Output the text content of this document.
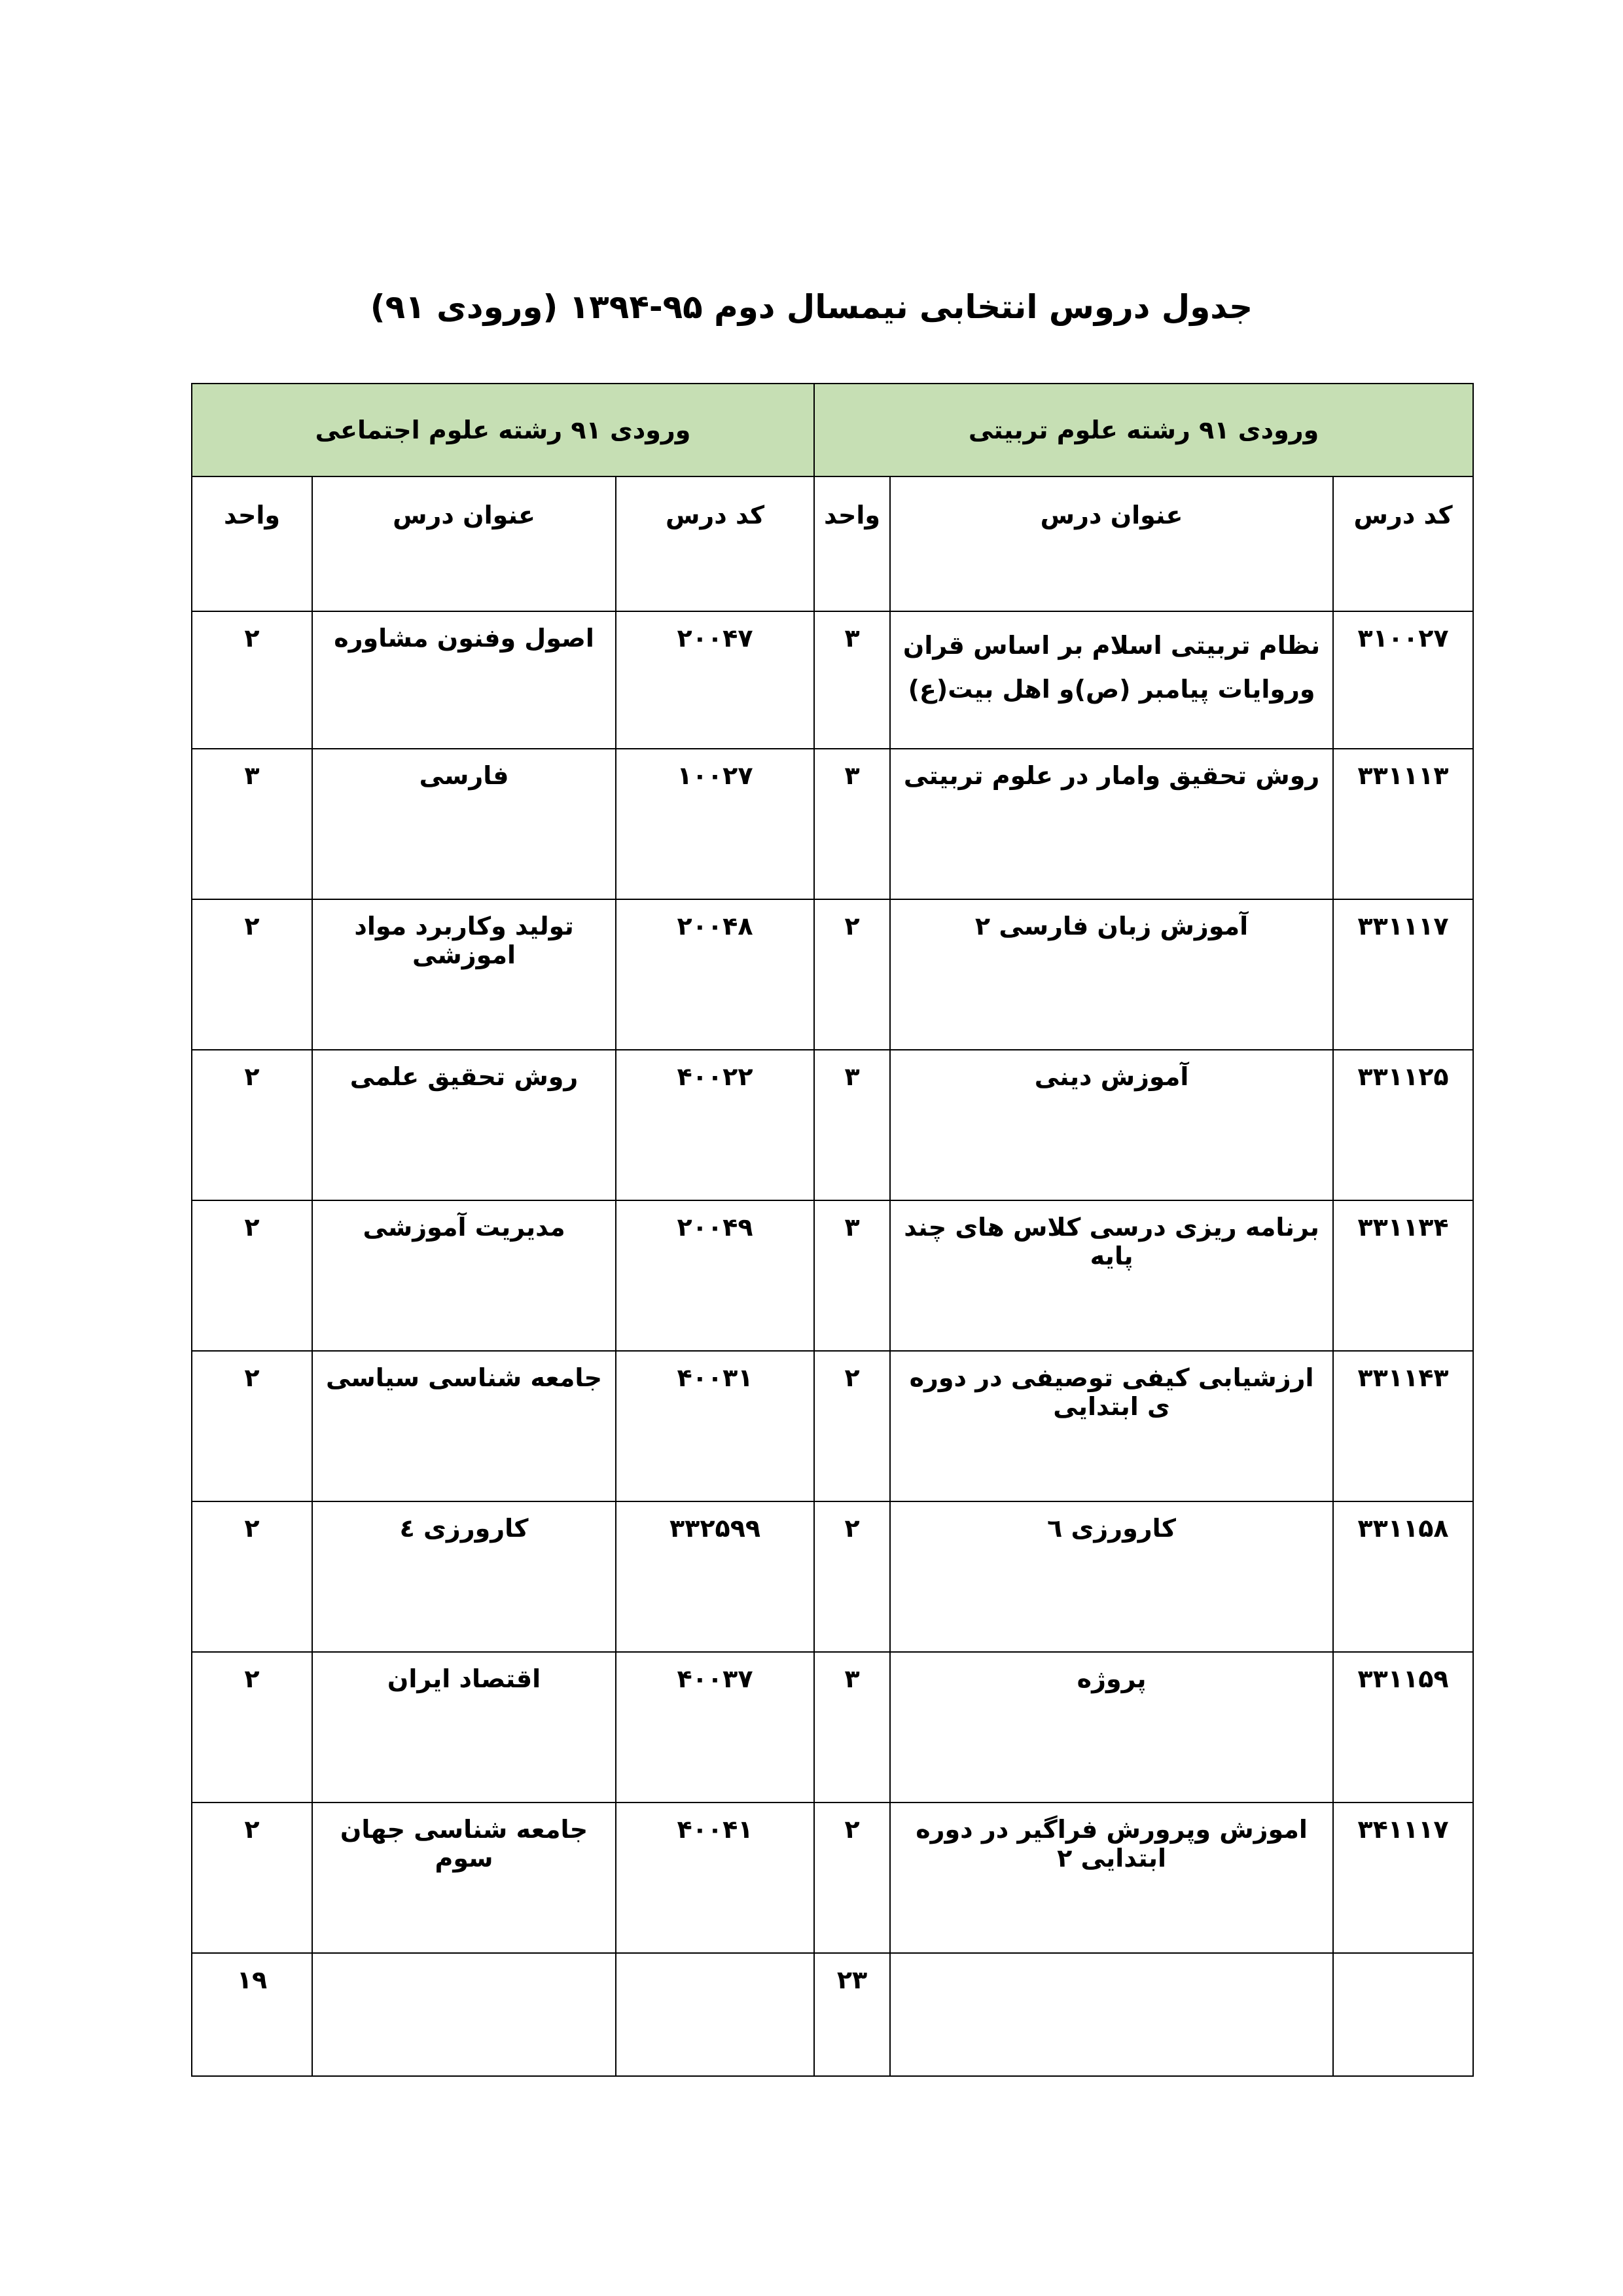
جدول دروس انتخابی نیمسال دوم ۹۵-۱۳۹۴ (ورودی ۹۱)
ورودی ۹۱ رشته علوم تربیتی			ورودی ۹۱ رشته علوم اجتماعی		
کد درس	عنوان درس	واحد	کد درس	عنوان درس	واحد
۳۱۰۰۲۷	نظام تربیتی اسلام بر اساس قران وروایات پیامبر (ص)و اهل بیت(ع)	۳	۲۰۰۴۷	اصول وفنون مشاوره	۲
۳۳۱۱۱۳	روش تحقیق وامار در علوم تربیتی	۳	۱۰۰۲۷	فارسی	۳
۳۳۱۱۱۷	آموزش زبان فارسی ۲	۲	۲۰۰۴۸	تولید وکاربرد مواد اموزشی	۲
۳۳۱۱۲۵	آموزش دینی	۳	۴۰۰۲۲	روش تحقیق علمی	۲
۳۳۱۱۳۴	برنامه ریزی درسی کلاس های چند پایه	۳	۲۰۰۴۹	مدیریت آموزشی	۲
۳۳۱۱۴۳	ارزشیابی کیفی توصیفی در دوره ی ابتدایی	۲	۴۰۰۳۱	جامعه شناسی سیاسی	۲
۳۳۱۱۵۸	کارورزی ٦	۲	۳۳۲۵۹۹	کارورزی ٤	۲
۳۳۱۱۵۹	پروژه	۳	۴۰۰۳۷	اقتصاد ایران	۲
۳۴۱۱۱۷	اموزش وپرورش فراگیر در دوره ابتدایی ۲	۲	۴۰۰۴۱	جامعه شناسی جهان سوم	۲
		۲۳			۱۹
